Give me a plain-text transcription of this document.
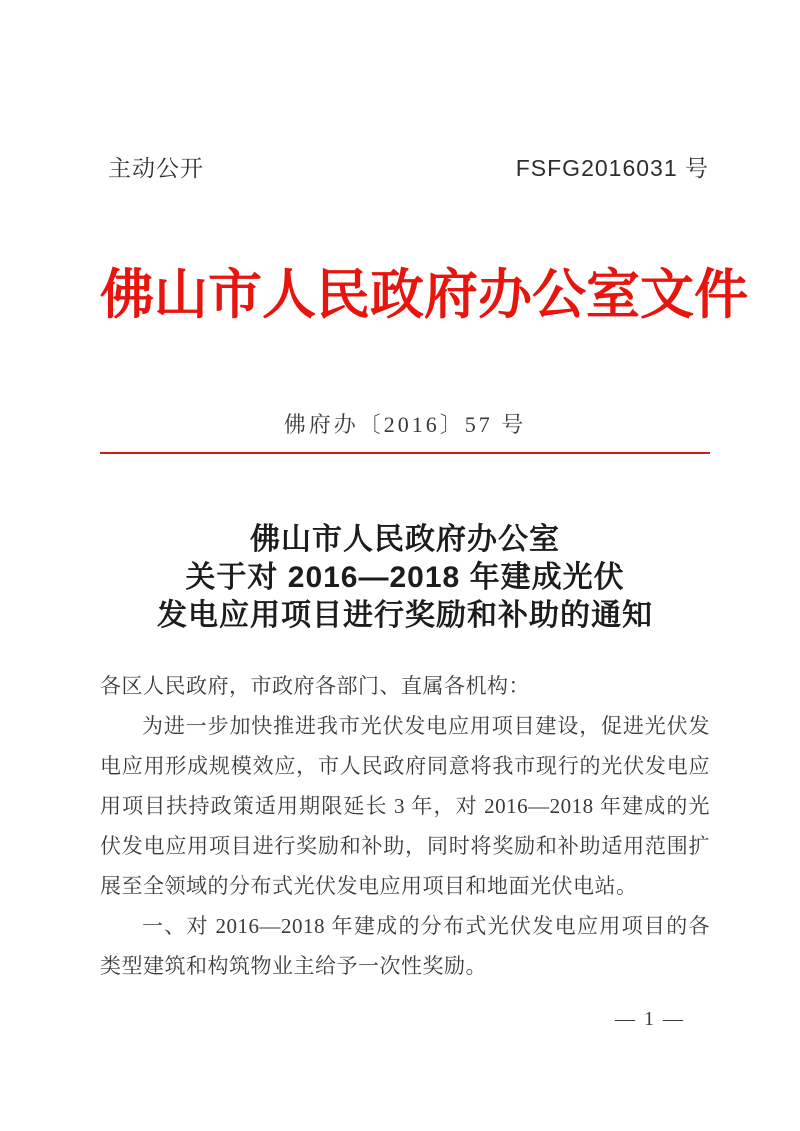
主动公开	FSFG2016031 号
佛山市人民政府办公室文件
佛府办〔2016〕57 号
佛山市人民政府办公室
关于对 2016—2018 年建成光伏
发电应用项目进行奖励和补助的通知
各区人民政府，市政府各部门、直属各机构：
为进一步加快推进我市光伏发电应用项目建设，促进光伏发
电应用形成规模效应，市人民政府同意将我市现行的光伏发电应
用项目扶持政策适用期限延长 3 年，对 2016—2018 年建成的光
伏发电应用项目进行奖励和补助，同时将奖励和补助适用范围扩
展至全领域的分布式光伏发电应用项目和地面光伏电站。
一、对 2016—2018 年建成的分布式光伏发电应用项目的各
类型建筑和构筑物业主给予一次性奖励。
— 1 —
